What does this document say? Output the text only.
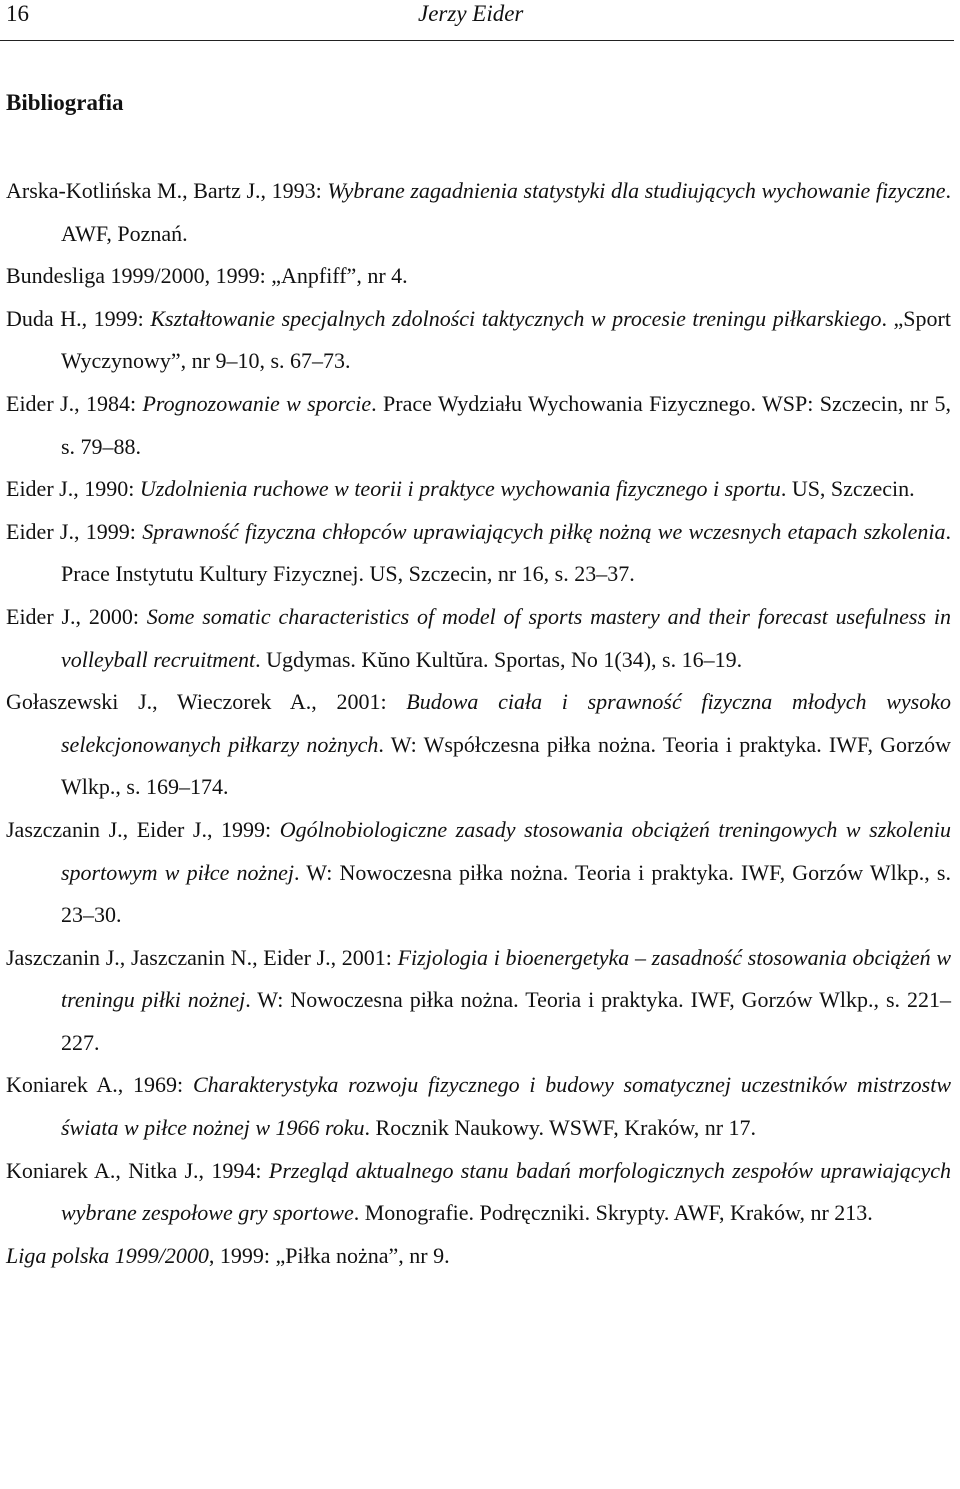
16	Jerzy Eider
Bibliografia
Arska-Kotlińska M., Bartz J., 1993: Wybrane zagadnienia statystyki dla studiujących wychowanie fizyczne. AWF, Poznań.
Bundesliga 1999/2000, 1999: „Anpfiff”, nr 4.
Duda H., 1999: Kształtowanie specjalnych zdolności taktycznych w procesie treningu piłkarskiego. „Sport Wyczynowy”, nr 9–10, s. 67–73.
Eider J., 1984: Prognozowanie w sporcie. Prace Wydziału Wychowania Fizycznego. WSP: Szczecin, nr 5, s. 79–88.
Eider J., 1990: Uzdolnienia ruchowe w teorii i praktyce wychowania fizycznego i sportu. US, Szczecin.
Eider J., 1999: Sprawność fizyczna chłopców uprawiających piłkę nożną we wczesnych etapach szkolenia. Prace Instytutu Kultury Fizycznej. US, Szczecin, nr 16, s. 23–37.
Eider J., 2000: Some somatic characteristics of model of sports mastery and their forecast usefulness in volleyball recruitment. Ugdymas. Kŭno Kultŭra. Sportas, No 1(34), s. 16–19.
Gołaszewski J., Wieczorek A., 2001: Budowa ciała i sprawność fizyczna młodych wysoko selekcjonowanych piłkarzy nożnych. W: Współczesna piłka nożna. Teoria i praktyka. IWF, Gorzów Wlkp., s. 169–174.
Jaszczanin J., Eider J., 1999: Ogólnobiologiczne zasady stosowania obciążeń treningowych w szkoleniu sportowym w piłce nożnej. W: Nowoczesna piłka nożna. Teoria i praktyka. IWF, Gorzów Wlkp., s. 23–30.
Jaszczanin J., Jaszczanin N., Eider J., 2001: Fizjologia i bioenergetyka – zasadność stosowania obciążeń w treningu piłki nożnej. W: Nowoczesna piłka nożna. Teoria i praktyka. IWF, Gorzów Wlkp., s. 221–227.
Koniarek A., 1969: Charakterystyka rozwoju fizycznego i budowy somatycznej uczestników mistrzostw świata w piłce nożnej w 1966 roku. Rocznik Naukowy. WSWF, Kraków, nr 17.
Koniarek A., Nitka J., 1994: Przegląd aktualnego stanu badań morfologicznych zespołów uprawiających wybrane zespołowe gry sportowe. Monografie. Podręczniki. Skrypty. AWF, Kraków, nr 213.
Liga polska 1999/2000, 1999: „Piłka nożna”, nr 9.
